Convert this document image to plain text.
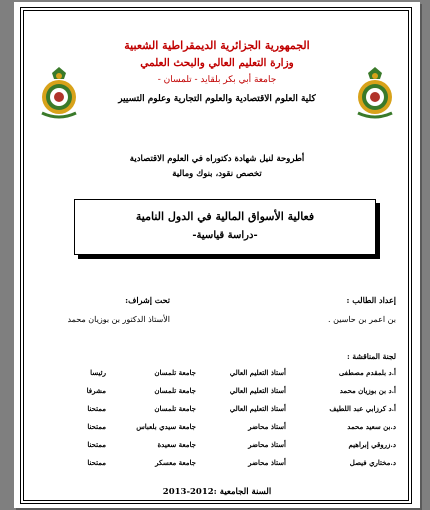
الجمهورية الجزائرية الديمقراطية الشعبية
وزارة التعليم العالي والبحث العلمي
جامعة أبي بكر بلقايد - تلمسان -
كلية العلوم الاقتصادية والعلوم التجارية وعلوم التسيير
أطروحة لنيل شهادة دكتوراه في العلوم الاقتصادية
تخصص نقود، بنوك ومالية
فعالية الأسواق المالية في الدول النامية
-دراسة قياسية-
إعداد الطالب :
بن اعمر بن حاسين .
تحت إشراف:
الأستاذ الدكتور بن بوزيان محمد
لجنة المناقشة :
أ.د بلمقدم مصطفى
أستاذ التعليم العالي
جامعة تلمسان
رئيسا
أ.د بن بوزيان محمد
أستاذ التعليم العالي
جامعة تلمسان
مشرفا
أ.د كرزابي عبد اللطيف
أستاذ التعليم العالي
جامعة تلمسان
ممتحنا
د.بن سعيد محمد
أستاذ محاضر
جامعة سيدي بلعباس
ممتحنا
د.زروقي إبراهيم
أستاذ محاضر
جامعة سعيدة
ممتحنا
د.مختاري فيصل
أستاذ محاضر
جامعة معسكر
ممتحنا
السنة الجامعية :2012-2013
